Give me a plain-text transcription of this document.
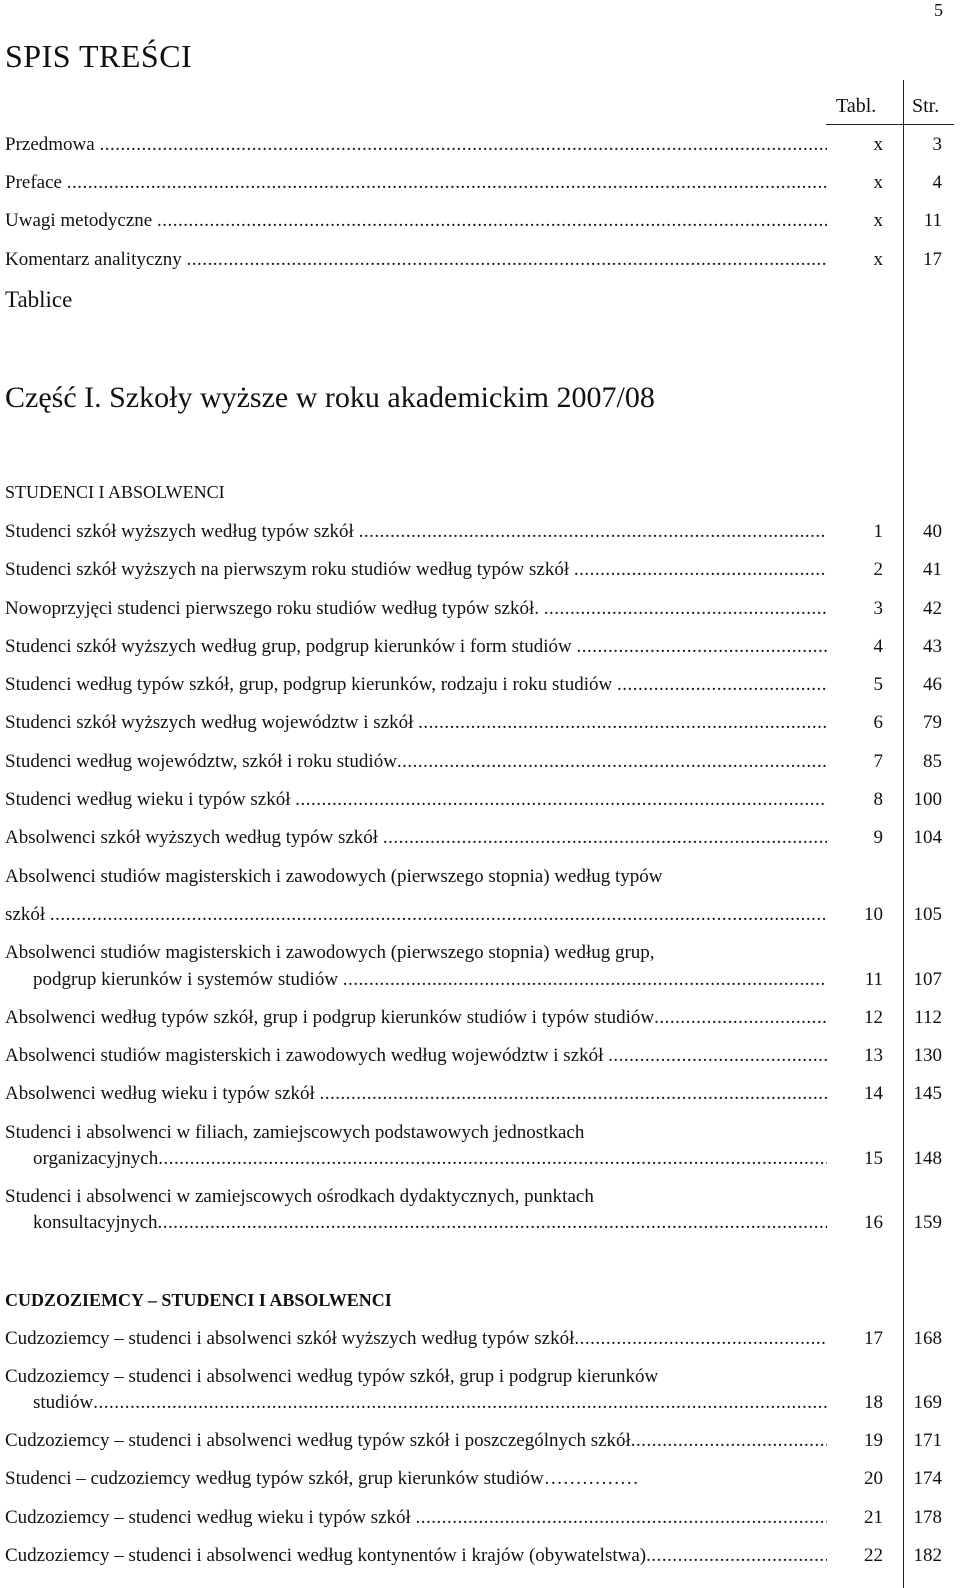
5
SPIS TREŚCI
Tabl. Str.
Przedmowa .....	x	3
Preface .....	x	4
Uwagi metodyczne .....	x 11
Komentarz analityczny .....	x 17
Tablice
Część I. Szkoły wyższe w roku akademickim 2007/08
STUDENCI I ABSOLWENCI
Studenci szkół wyższych według typów szkół .....	1 40
Studenci szkół wyższych na pierwszym roku studiów według typów szkół .....	2 41
Nowoprzyjęci studenci pierwszego roku studiów według typów szkół. .....	3 42
Studenci szkół wyższych według grup, podgrup kierunków i form studiów .....	4 43
Studenci według typów szkół, grup, podgrup kierunków, rodzaju i roku studiów .....	5 46
Studenci szkół wyższych według województw i szkół .....	6 79
Studenci według województw, szkół i roku studiów .....	7 85
Studenci według wieku i typów szkół .....	8 100
Absolwenci szkół wyższych według typów szkół .....	9 104
Absolwenci studiów magisterskich i zawodowych (pierwszego stopnia) według typów
szkół .....	10 105
Absolwenci studiów magisterskich i zawodowych (pierwszego stopnia) według grup,
podgrup kierunków i systemów studiów .....	11 107
Absolwenci według typów szkół, grup i podgrup kierunków studiów i typów studiów .....	12 112
Absolwenci studiów magisterskich i zawodowych według województw i szkół .....	13 130
Absolwenci według wieku i typów szkół .....	14 145
Studenci i absolwenci w filiach, zamiejscowych podstawowych jednostkach
organizacyjnych .....	15 148
Studenci i absolwenci w zamiejscowych ośrodkach dydaktycznych, punktach
konsultacyjnych .....	16 159
CUDZOZIEMCY – STUDENCI I ABSOLWENCI
Cudzoziemcy – studenci i absolwenci szkół wyższych według typów szkół .....	17 168
Cudzoziemcy – studenci i absolwenci według typów szkół, grup i podgrup kierunków
studiów .....	18 169
Cudzoziemcy – studenci i absolwenci według typów szkół i poszczególnych szkół .....	19 171
Studenci – cudzoziemcy według typów szkół, grup kierunków studiów……………	20 174
Cudzoziemcy – studenci według wieku i typów szkół .....	21 178
Cudzoziemcy – studenci i absolwenci według kontynentów i krajów (obywatelstwa) .....	22 182
